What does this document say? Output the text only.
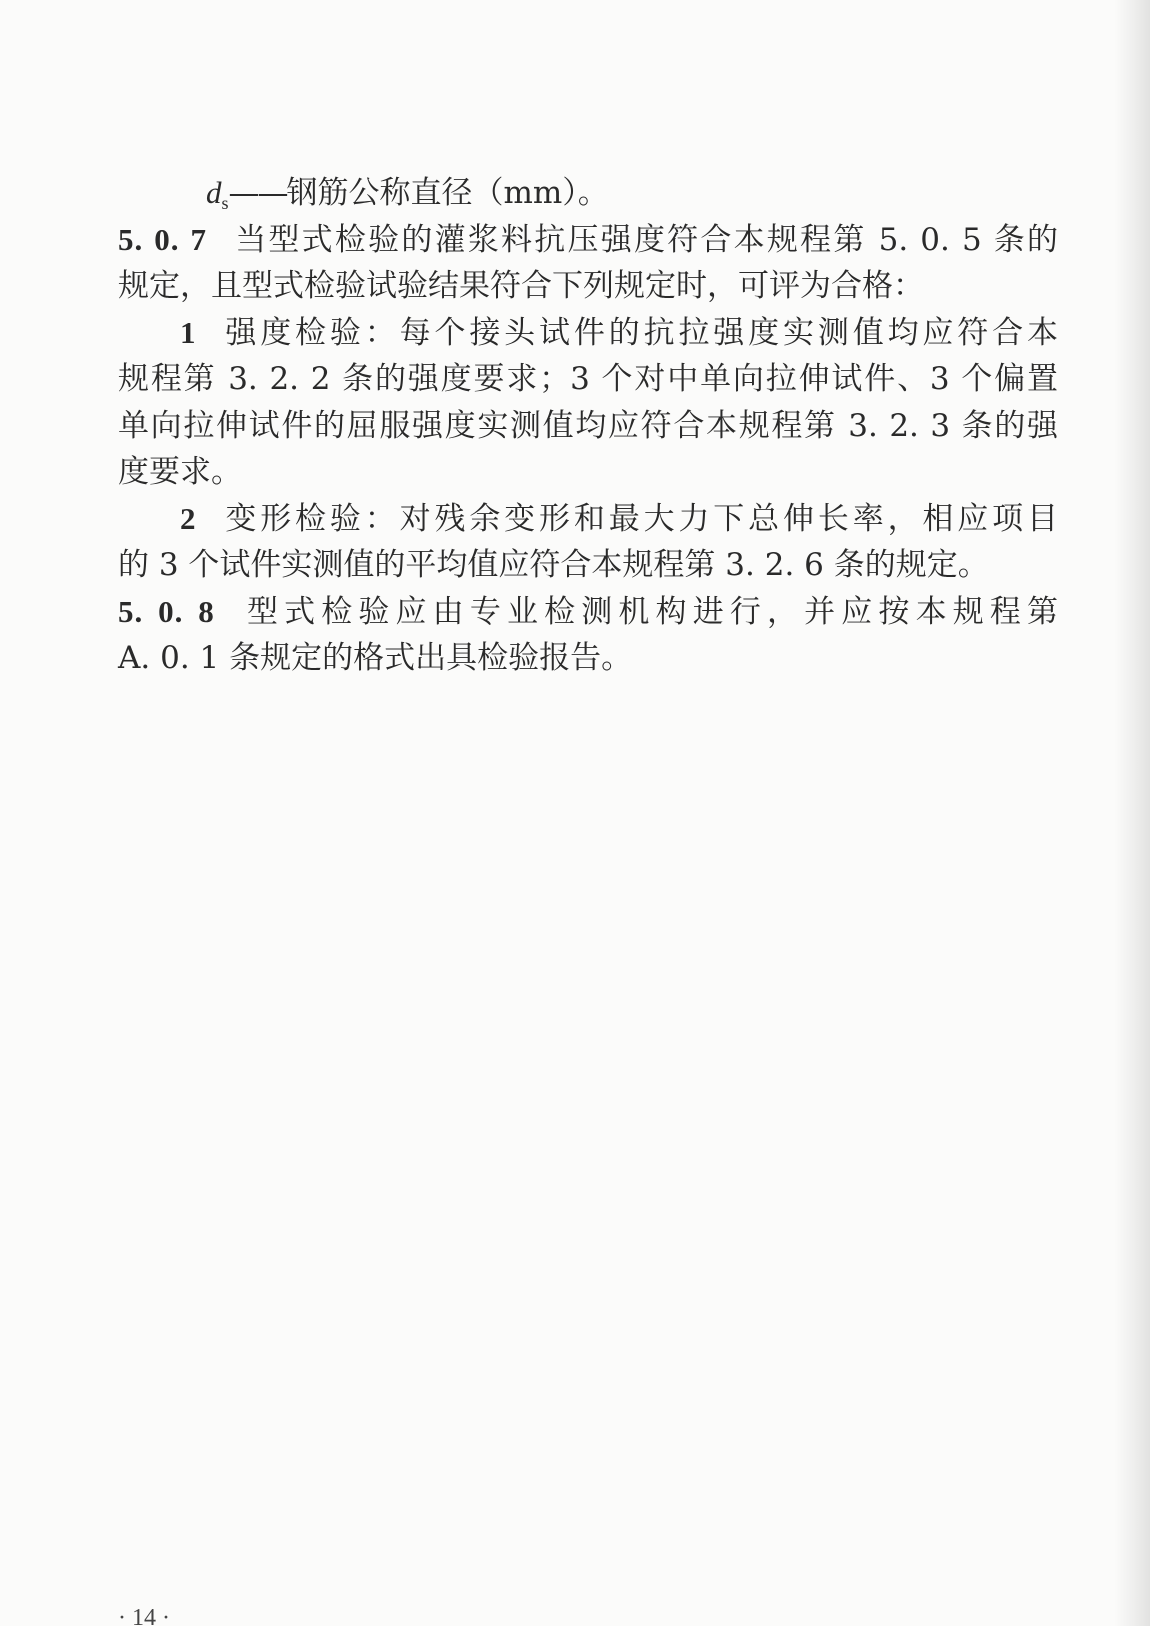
$d_s——$钢筋公称直径（mm）。
5. 0. 7 当型式检验的灌浆料抗压强度符合本规程第 5. 0. 5 条的
规定，且型式检验试验结果符合下列规定时，可评为合格：
1 强度检验：每个接头试件的抗拉强度实测值均应符合本
规程第 3. 2. 2 条的强度要求；3 个对中单向拉伸试件、3 个偏置
单向拉伸试件的屈服强度实测值均应符合本规程第 3. 2. 3 条的强
度要求。
2 变形检验：对残余变形和最大力下总伸长率，相应项目
的 3 个试件实测值的平均值应符合本规程第 3. 2. 6 条的规定。
5. 0. 8 型式检验应由专业检测机构进行，并应按本规程第
A. 0. 1 条规定的格式出具检验报告。
· 14 ·
